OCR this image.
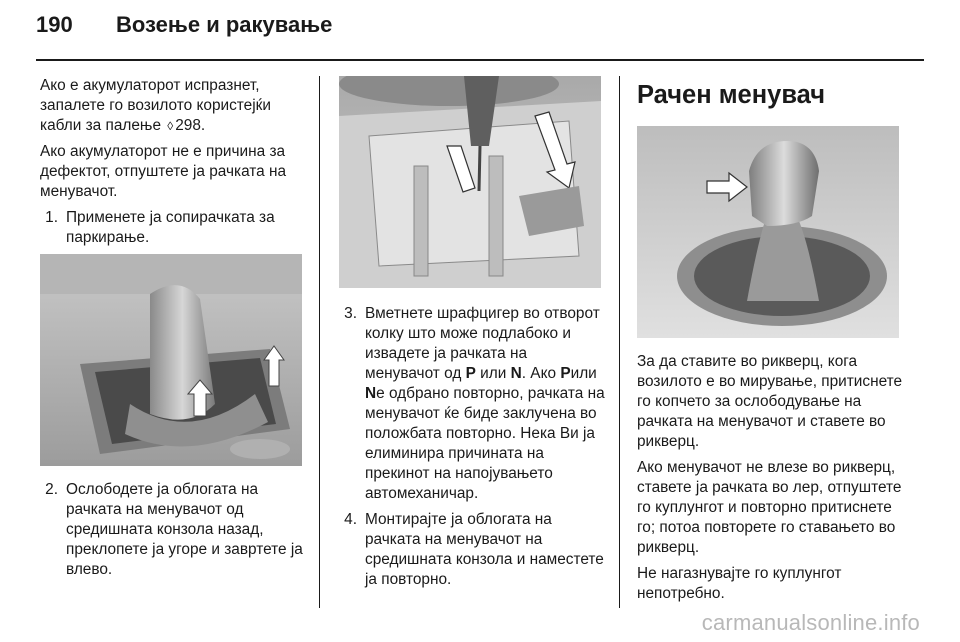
190	Возење и ракување

Ако е акумулаторот испразнет, запалете го возилото користејќи кабли за палење ◊ 298.

Ако акумулаторот не е причина за дефектот, отпуштете ја рачката на менувачот.

1. Применете ја сопирачката за паркирање.
2. Ослободете ја облогата на рачката на менувачот од средишната конзола назад, преклопете ја угоре и завртете ја влево.
3. Вметнете шрафцигер во отворот колку што може подлабоко и извадете ја рачката на менувачот од P или N. Ако Pили Nе одбрано повторно, рачката на менувачот ќе биде заклучена во положбата повторно. Нека Ви ја елиминира причината на прекинот на напојувањето автомеханичар.
4. Монтирајте ја облогата на рачката на менувачот на средишната конзола и наместете ја повторно.
Рачен менувач

За да ставите во рикверц, кога возилото е во мирување, притиснете го копчето за ослободување на рачката на менувачот и ставете во рикверц.

Ако менувачот не влезе во рикверц, ставете ја рачката во лер, отпуштете го куплунгот и повторно притиснете го; потоа повторете го ставањето во рикверц.

Не нагазнувајте го куплунгот непотребно.

carmanualsonline.info
